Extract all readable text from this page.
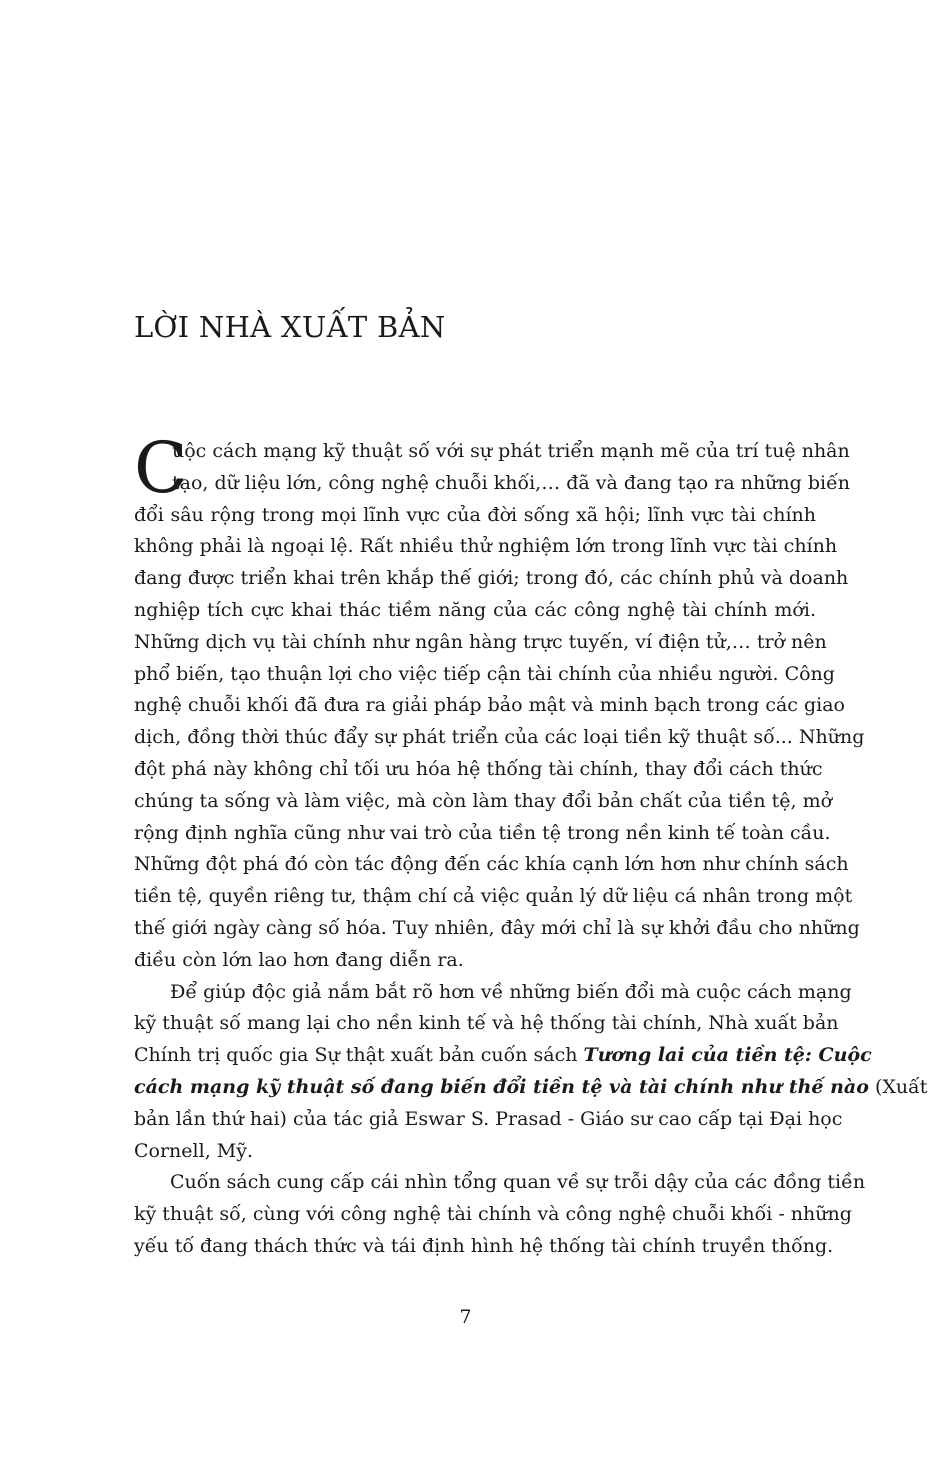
LỜI NHÀ XUẤT BẢN
C
uộc cách mạng kỹ thuật số với sự phát triển mạnh mẽ của trí tuệ nhân
tạo, dữ liệu lớn, công nghệ chuỗi khối,… đã và đang tạo ra những biến
đổi sâu rộng trong mọi lĩnh vực của đời sống xã hội; lĩnh vực tài chính
không phải là ngoại lệ. Rất nhiều thử nghiệm lớn trong lĩnh vực tài chính
đang được triển khai trên khắp thế giới; trong đó, các chính phủ và doanh
nghiệp tích cực khai thác tiềm năng của các công nghệ tài chính mới.
Những dịch vụ tài chính như ngân hàng trực tuyến, ví điện tử,… trở nên
phổ biến, tạo thuận lợi cho việc tiếp cận tài chính của nhiều người. Công
nghệ chuỗi khối đã đưa ra giải pháp bảo mật và minh bạch trong các giao
dịch, đồng thời thúc đẩy sự phát triển của các loại tiền kỹ thuật số... Những
đột phá này không chỉ tối ưu hóa hệ thống tài chính, thay đổi cách thức
chúng ta sống và làm việc, mà còn làm thay đổi bản chất của tiền tệ, mở
rộng định nghĩa cũng như vai trò của tiền tệ trong nền kinh tế toàn cầu.
Những đột phá đó còn tác động đến các khía cạnh lớn hơn như chính sách
tiền tệ, quyền riêng tư, thậm chí cả việc quản lý dữ liệu cá nhân trong một
thế giới ngày càng số hóa. Tuy nhiên, đây mới chỉ là sự khởi đầu cho những
điều còn lớn lao hơn đang diễn ra.
Để giúp độc giả nắm bắt rõ hơn về những biến đổi mà cuộc cách mạng
kỹ thuật số mang lại cho nền kinh tế và hệ thống tài chính, Nhà xuất bản
Chính trị quốc gia Sự thật xuất bản cuốn sách Tương lai của tiền tệ: Cuộc
cách mạng kỹ thuật số đang biến đổi tiền tệ và tài chính như thế nào (Xuất
bản lần thứ hai) của tác giả Eswar S. Prasad - Giáo sư cao cấp tại Đại học
Cornell, Mỹ.
Cuốn sách cung cấp cái nhìn tổng quan về sự trỗi dậy của các đồng tiền
kỹ thuật số, cùng với công nghệ tài chính và công nghệ chuỗi khối - những
yếu tố đang thách thức và tái định hình hệ thống tài chính truyền thống.
7
